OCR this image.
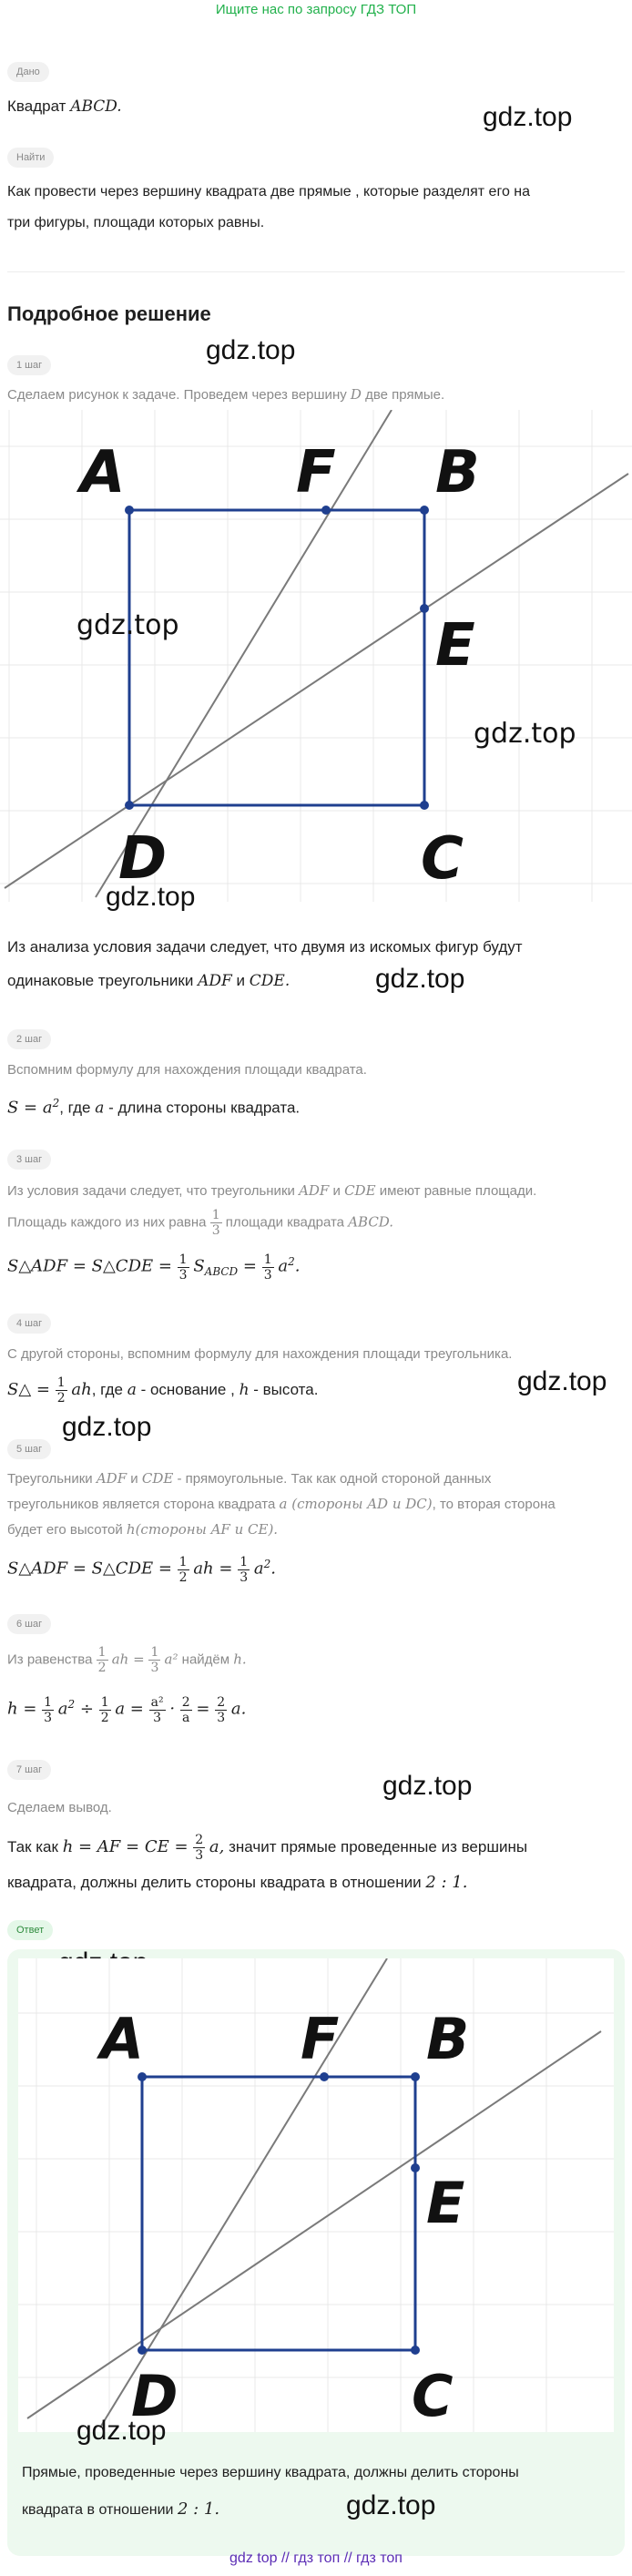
Ищите нас по запросу ГДЗ ТОП
Дано
Квадрат ABCD.	gdz.top
Найти
Как провести через вершину квадрата две прямые , которые разделят его на
три фигуры, площади которых равны.
Подробное решение
gdz.top
1 шаг
Сделаем рисунок к задаче. Проведем через вершину D две прямые.
A	F B
E
D	C
gdz.top
gdz.top
gdz.top
Из анализа условия задачи следует, что двумя из искомых фигур будут
одинаковые треугольники ADF и CDE.	gdz.top
2 шаг
Вспомним формулу для нахождения площади квадрата.
$S = a^2$, где a - длина стороны квадрата.
3 шаг
Из условия задачи следует, что треугольники ADF и CDE имеют равные площади.
Площадь каждого из них равна $\frac{1}{3}$ площади квадрата ABCD.
S△ADF = S△CDE = $\frac{1}{3} S_{ABCD} = \frac{1}{3} a^2$.
4 шаг
С другой стороны, вспомним формулу для нахождения площади треугольника.
S△ = $\frac{1}{2}$ ah, где a - основание , h - высота.	gdz.top
gdz.top
5 шаг
Треугольники ADF и CDE - прямоугольные. Так как одной стороной данных
треугольников является сторона квадрата a (стороны AD и DC), то вторая сторона
будет его высотой h(стороны AF и CE).
S△ADF = S△CDE = $\frac{1}{2}$ ah = $\frac{1}{3} a^2$.
6 шаг
Из равенства $\frac{1}{2}$ ah = $\frac{1}{3} a^2$ найдём h.
$h = \frac{1}{3} a^2 \div \frac{1}{2}$ $a = \frac{\text{a²}}{3} \cdot \frac{2}{a} = \frac{2}{3} a$.
7 шаг
gdz.top
Сделаем вывод.
Так как h = AF = CE = $\frac{2}{3} a$, значит прямые проведенные из вершины
квадрата, должны делить стороны квадрата в отношении 2 : 1.
Ответ
A	F B
E
D	C
gdz.top
Прямые, проведенные через вершину квадрата, должны делить стороны
квадрата в отношении 2 : 1.	gdz.top
gdz top // гдз топ // гдз топ
